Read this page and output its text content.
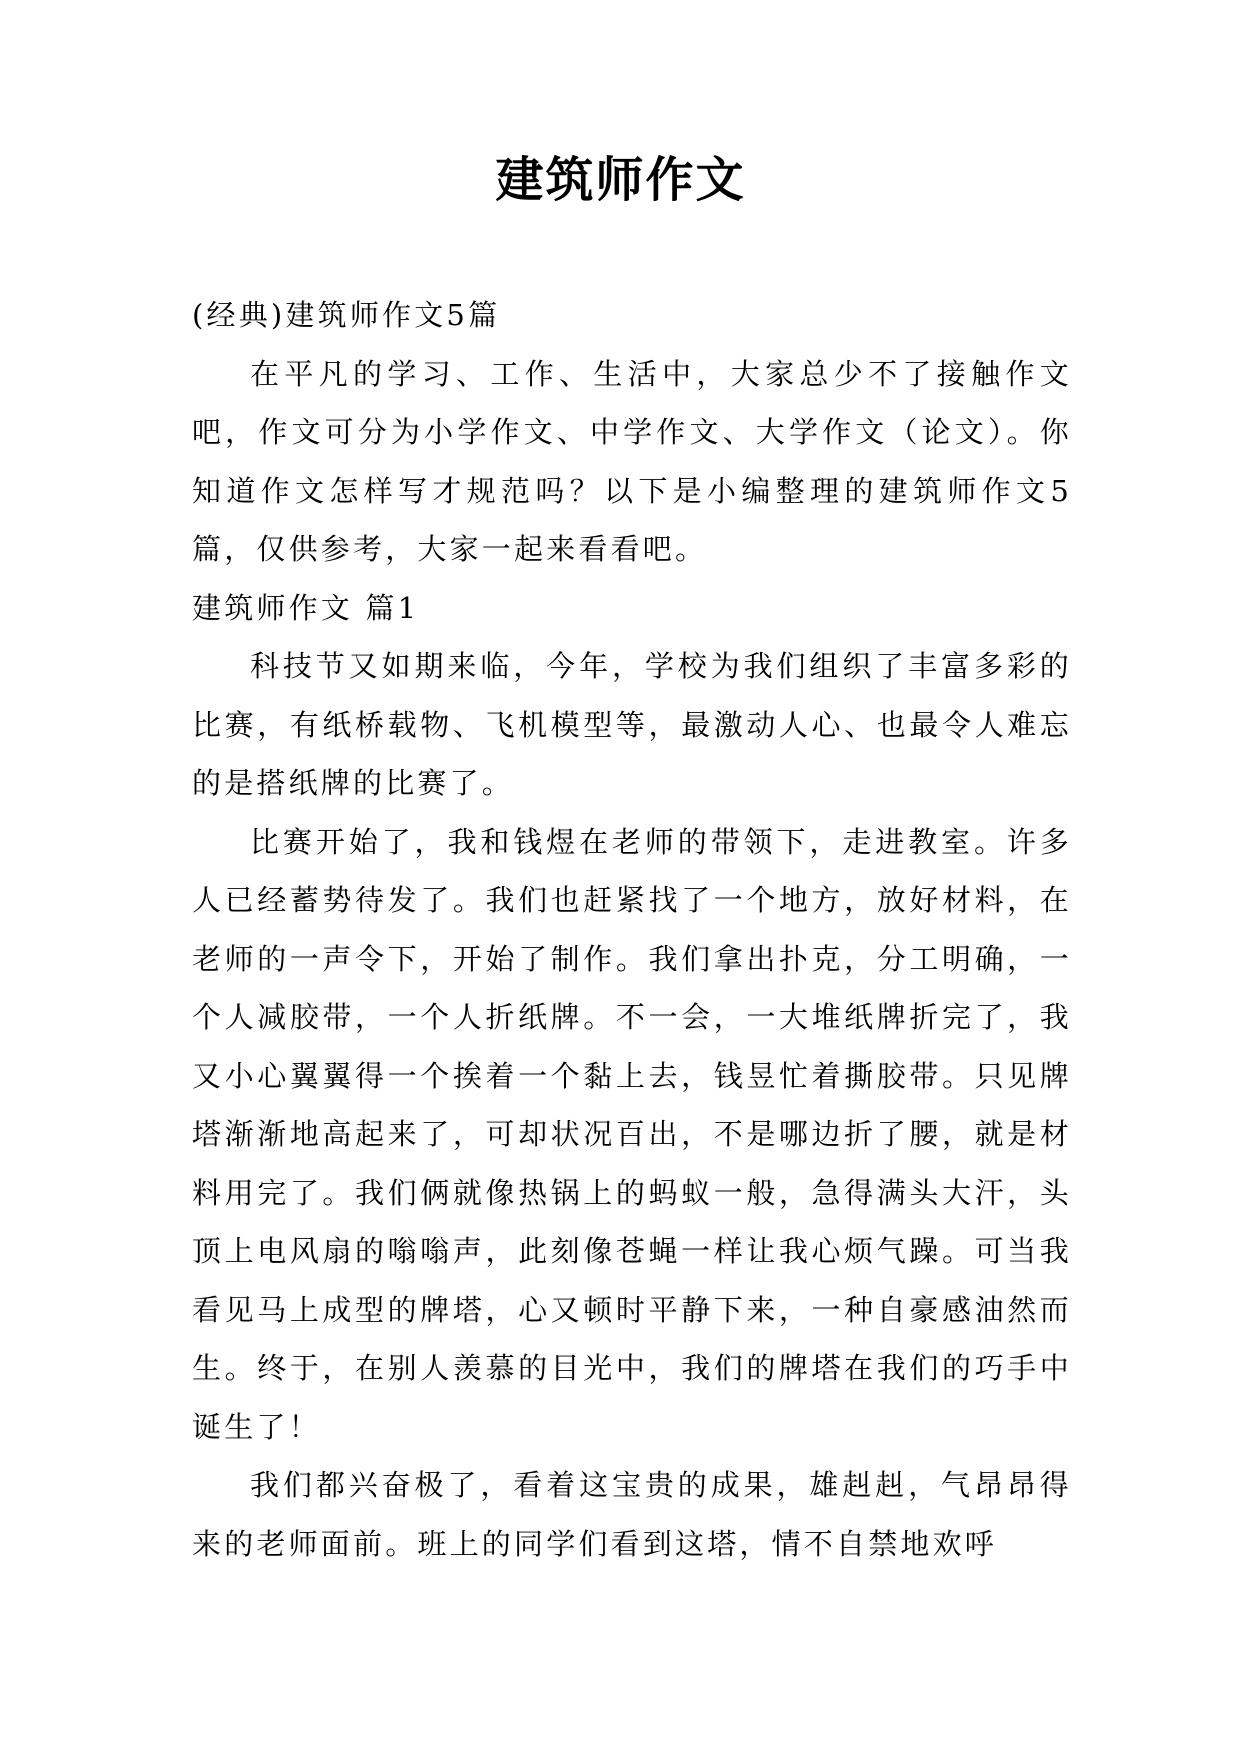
建筑师作文

(经典)建筑师作文5篇

在平凡的学习、工作、生活中，大家总少不了接触作文吧，作文可分为小学作文、中学作文、大学作文（论文）。你知道作文怎样写才规范吗？以下是小编整理的建筑师作文5篇，仅供参考，大家一起来看看吧。

建筑师作文 篇1

科技节又如期来临，今年，学校为我们组织了丰富多彩的比赛，有纸桥载物、飞机模型等，最激动人心、也最令人难忘的是搭纸牌的比赛了。

比赛开始了，我和钱煜在老师的带领下，走进教室。许多人已经蓄势待发了。我们也赶紧找了一个地方，放好材料，在老师的一声令下，开始了制作。我们拿出扑克，分工明确，一个人减胶带，一个人折纸牌。不一会，一大堆纸牌折完了，我又小心翼翼得一个挨着一个黏上去，钱昱忙着撕胶带。只见牌塔渐渐地高起来了，可却状况百出，不是哪边折了腰，就是材料用完了。我们俩就像热锅上的蚂蚁一般，急得满头大汗，头顶上电风扇的嗡嗡声，此刻像苍蝇一样让我心烦气躁。可当我看见马上成型的牌塔，心又顿时平静下来，一种自豪感油然而生。终于，在别人羡慕的目光中，我们的牌塔在我们的巧手中诞生了！

我们都兴奋极了，看着这宝贵的成果，雄赳赳，气昂昂得来的老师面前。班上的同学们看到这塔，情不自禁地欢呼
